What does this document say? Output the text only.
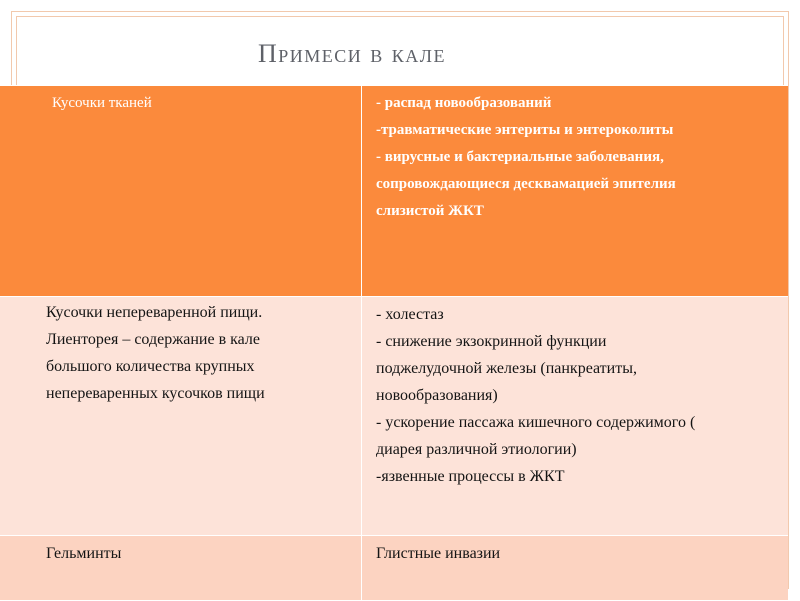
Примеси в кале
Кусочки тканей	- распад новообразований
-травматические энтериты и энтероколиты
- вирусные и бактериальные заболевания,
сопровождающиеся десквамацией эпителия
слизистой ЖКТ
Кусочки непереваренной пищи.
Лиенторея – содержание в кале
большого количества крупных
непереваренных кусочков пищи
- холестаз
- снижение экзокринной функции
поджелудочной железы (панкреатиты,
новообразования)
- ускорение пассажа кишечного содержимого (
диарея различной этиологии)
-язвенные процессы в ЖКТ
Гельминты	Глистные инвазии
